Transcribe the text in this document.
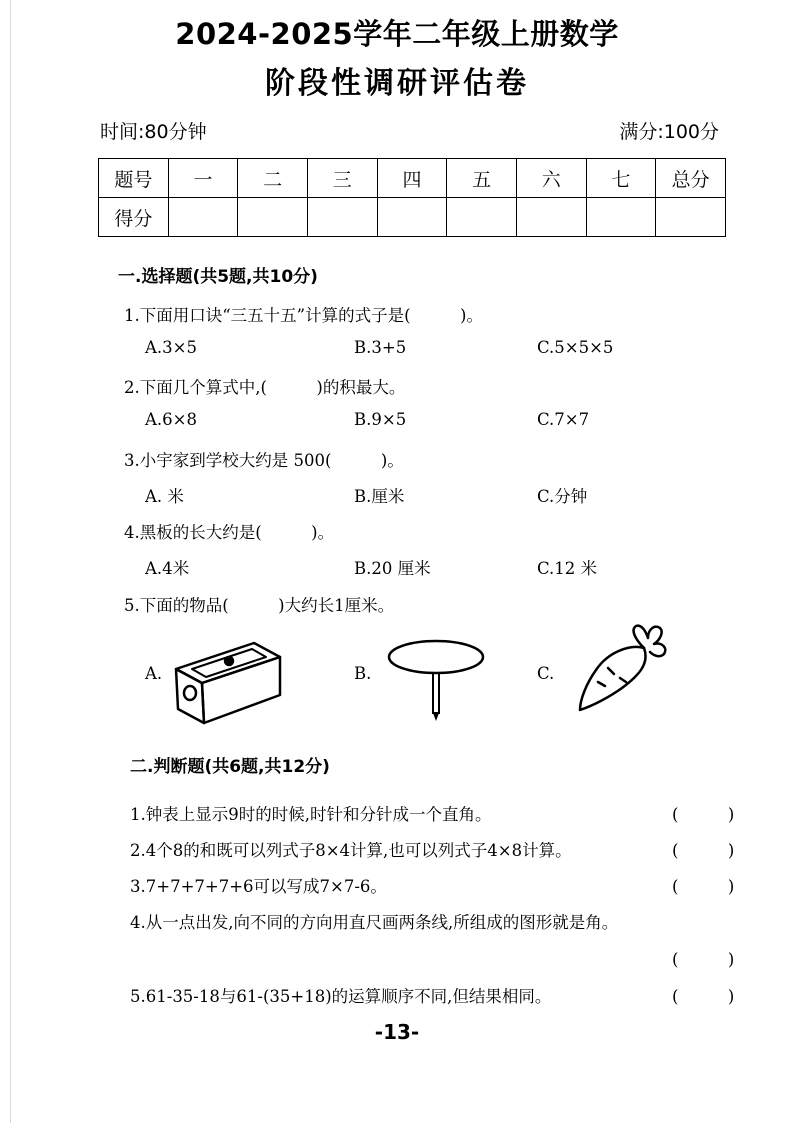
2024-2025学年二年级上册数学
阶段性调研评估卷
时间:80分钟	满分:100分
题号	一	二	三	四	五	六	七	总分
得分								
一.选择题(共5题,共10分)
1.下面用口诀“三五十五”计算的式子是(　　　)。
A.3×5	B.3+5	C.5×5×5
2.下面几个算式中,(　　　)的积最大。
A.6×8	B.9×5	C.7×7
3.小宇家到学校大约是 500(　　　)。
A. 米	B.厘米	C.分钟
4.黑板的长大约是(　　　)。
A.4米	B.20 厘米	C.12 米
5.下面的物品(　　　)大约长1厘米。
A.	B.	C.
二.判断题(共6题,共12分)
1.钟表上显示9时的时候,时针和分针成一个直角。	(　　　)
2.4个8的和既可以列式子8×4计算,也可以列式子4×8计算。	(　　　)
3.7+7+7+7+6可以写成7×7-6。	(　　　)
4.从一点出发,向不同的方向用直尺画两条线,所组成的图形就是角。
(　　　)
5.61-35-18与61-(35+18)的运算顺序不同,但结果相同。	(　　　)
-13-
